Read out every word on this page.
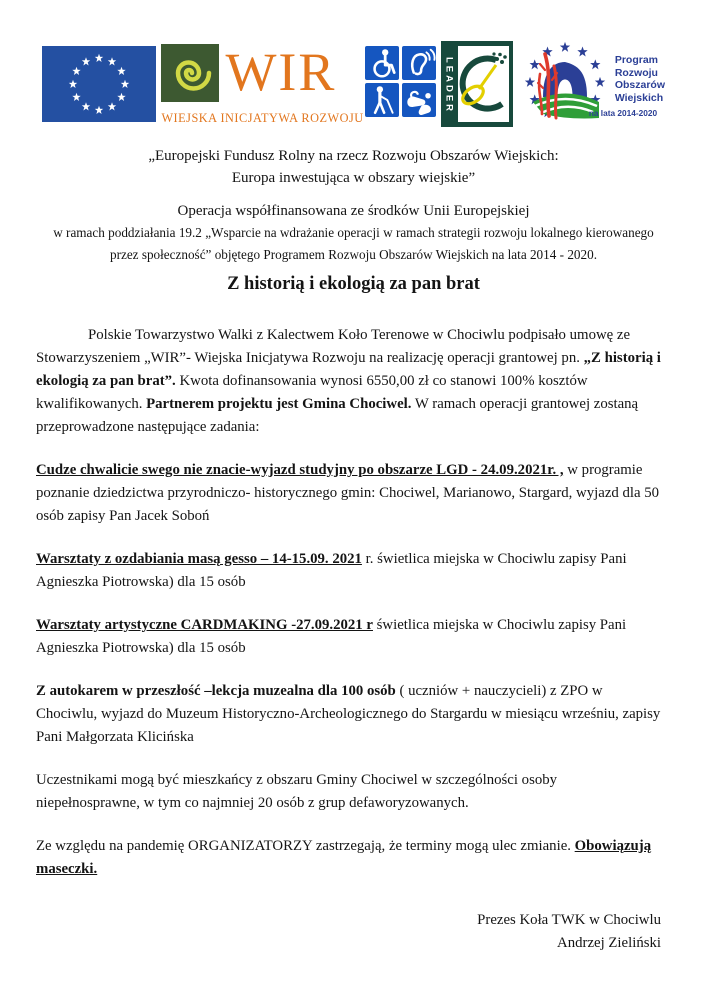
WIR
WIEJSKA INICJATYWA ROZWOJU
LEADER	Program
Rozwoju
Obszarów
Wiejskich
na lata 2014-2020
„Europejski Fundusz Rolny na rzecz Rozwoju Obszarów Wiejskich:
Europa inwestująca w obszary wiejskie”
Operacja współfinansowana ze środków Unii Europejskiej
w ramach poddziałania 19.2 „Wsparcie na wdrażanie operacji w ramach strategii rozwoju lokalnego kierowanego
przez społeczność” objętego Programem Rozwoju Obszarów Wiejskich na lata 2014 - 2020.
Z historią i ekologią za pan brat

Polskie Towarzystwo Walki z Kalectwem Koło Terenowe w Chociwlu podpisało umowę ze Stowarzyszeniem „WIR”- Wiejska Inicjatywa Rozwoju na realizację operacji grantowej pn. „Z historią i ekologią za pan brat”. Kwota dofinansowania wynosi 6550,00 zł co stanowi 100% kosztów kwalifikowanych. Partnerem projektu jest Gmina Chociwel. W ramach operacji grantowej zostaną przeprowadzone następujące zadania:

Cudze chwalicie swego nie znacie-wyjazd studyjny po obszarze LGD - 24.09.2021r. , w programie poznanie dziedzictwa przyrodniczo- historycznego gmin: Chociwel, Marianowo, Stargard, wyjazd dla 50 osób zapisy Pan Jacek Soboń

Warsztaty z ozdabiania masą gesso – 14-15.09. 2021 r. świetlica miejska w Chociwlu zapisy Pani Agnieszka Piotrowska) dla 15 osób

Warsztaty artystyczne CARDMAKING -27.09.2021 r świetlica miejska w Chociwlu zapisy Pani Agnieszka Piotrowska) dla 15 osób

Z autokarem w przeszłość –lekcja muzealna dla 100 osób ( uczniów + nauczycieli) z ZPO w Chociwlu, wyjazd do Muzeum Historyczno-Archeologicznego do Stargardu w miesiącu wrześniu, zapisy Pani Małgorzata Klicińska

Uczestnikami mogą być mieszkańcy z obszaru Gminy Chociwel w szczególności osoby niepełnosprawne, w tym co najmniej 20 osób z grup defaworyzowanych.

Ze względu na pandemię ORGANIZATORZY zastrzegają, że terminy mogą ulec zmianie. Obowiązują maseczki.

Prezes Koła TWK w Chociwlu
Andrzej Zieliński
